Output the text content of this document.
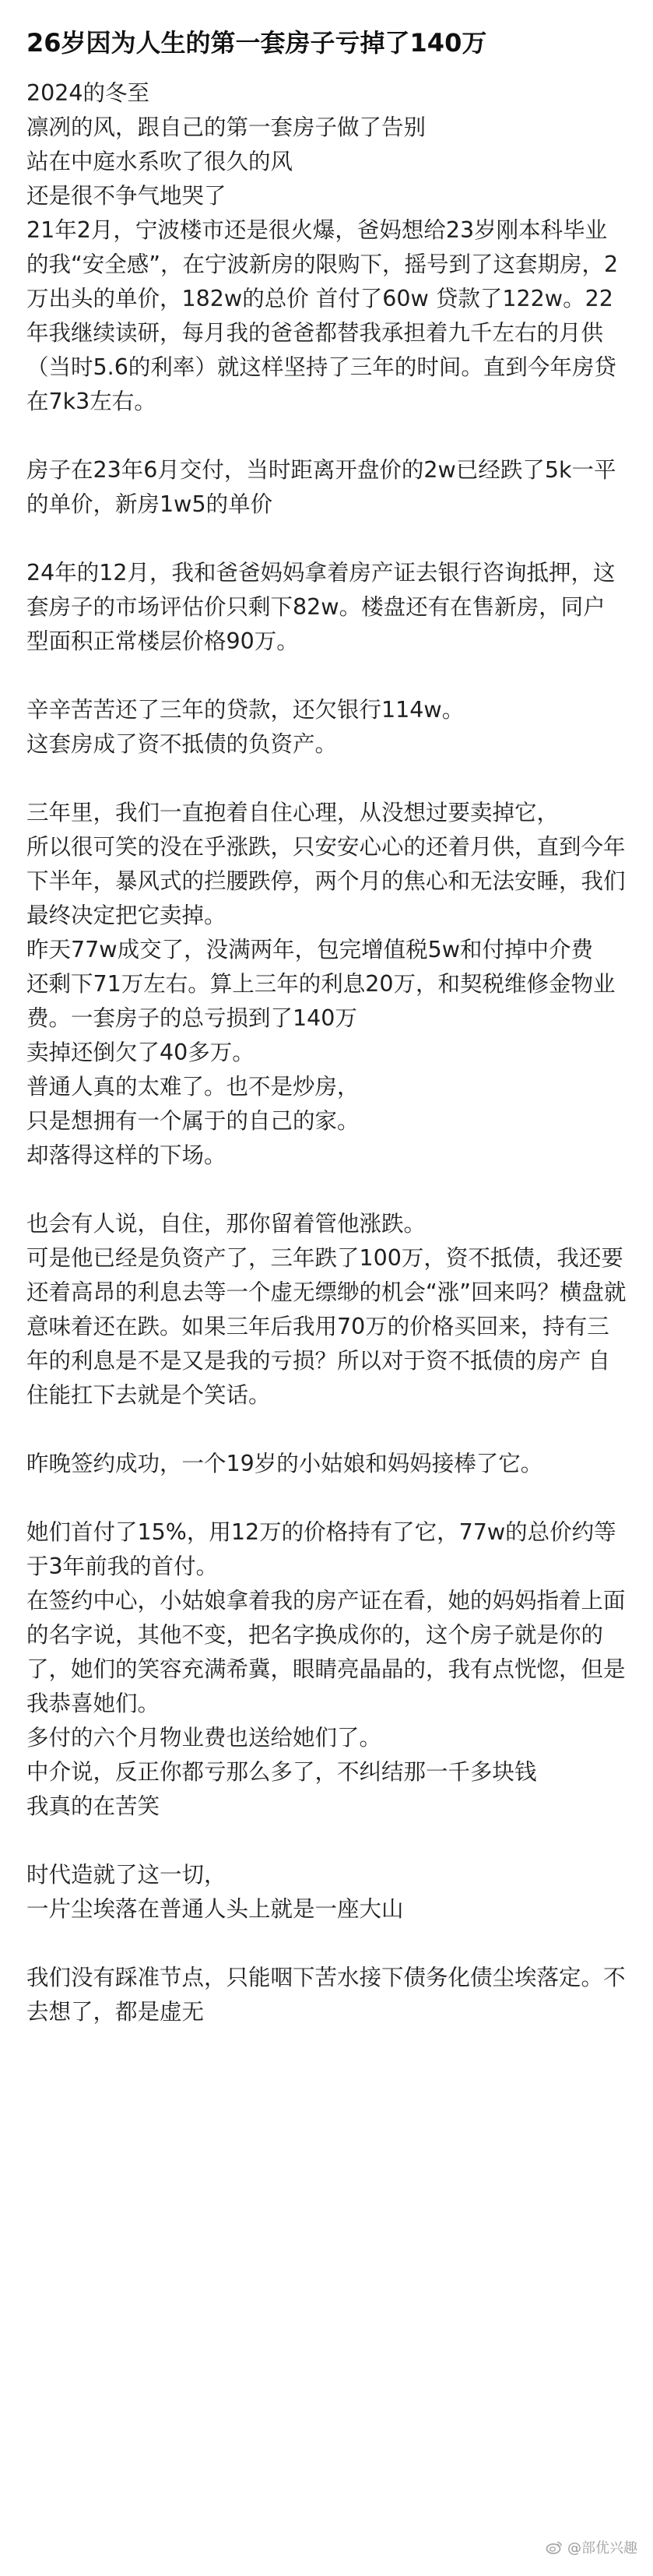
26岁因为人生的第一套房子亏掉了140万

2024的冬至

凛冽的风，跟自己的第一套房子做了告别

站在中庭水系吹了很久的风

还是很不争气地哭了

21年2月，宁波楼市还是很火爆，爸妈想给23岁刚本科毕业的我“安全感”，在宁波新房的限购下，摇号到了这套期房，2万出头的单价，182w的总价 首付了60w 贷款了122w。22年我继续读研，每月我的爸爸都替我承担着九千左右的月供（当时5.6的利率）就这样坚持了三年的时间。直到今年房贷在7k3左右。

房子在23年6月交付，当时距离开盘价的2w已经跌了5k一平的单价，新房1w5的单价

24年的12月，我和爸爸妈妈拿着房产证去银行咨询抵押，这套房子的市场评估价只剩下82w。楼盘还有在售新房，同户型面积正常楼层价格90万。

辛辛苦苦还了三年的贷款，还欠银行114w。

这套房成了资不抵债的负资产。

三年里，我们一直抱着自住心理，从没想过要卖掉它，

所以很可笑的没在乎涨跌，只安安心心的还着月供，直到今年下半年，暴风式的拦腰跌停，两个月的焦心和无法安睡，我们最终决定把它卖掉。

昨天77w成交了，没满两年，包完增值税5w和付掉中介费

还剩下71万左右。算上三年的利息20万，和契税维修金物业费。一套房子的总亏损到了140万

卖掉还倒欠了40多万。

普通人真的太难了。也不是炒房，

只是想拥有一个属于的自己的家。

却落得这样的下场。

也会有人说，自住，那你留着管他涨跌。

可是他已经是负资产了，三年跌了100万，资不抵债，我还要还着高昂的利息去等一个虚无缥缈的机会“涨”回来吗？横盘就意味着还在跌。如果三年后我用70万的价格买回来，持有三年的利息是不是又是我的亏损？所以对于资不抵债的房产 自住能扛下去就是个笑话。

昨晚签约成功，一个19岁的小姑娘和妈妈接棒了它。

她们首付了15%，用12万的价格持有了它，77w的总价约等于3年前我的首付。

在签约中心，小姑娘拿着我的房产证在看，她的妈妈指着上面的名字说，其他不变，把名字换成你的，这个房子就是你的了，她们的笑容充满希冀，眼睛亮晶晶的，我有点恍惚，但是我恭喜她们。

多付的六个月物业费也送给她们了。

中介说，反正你都亏那么多了，不纠结那一千多块钱

我真的在苦笑

时代造就了这一切，

一片尘埃落在普通人头上就是一座大山

我们没有踩准节点，只能咽下苦水接下债务化债尘埃落定。不去想了，都是虚无

@部优兴趣
